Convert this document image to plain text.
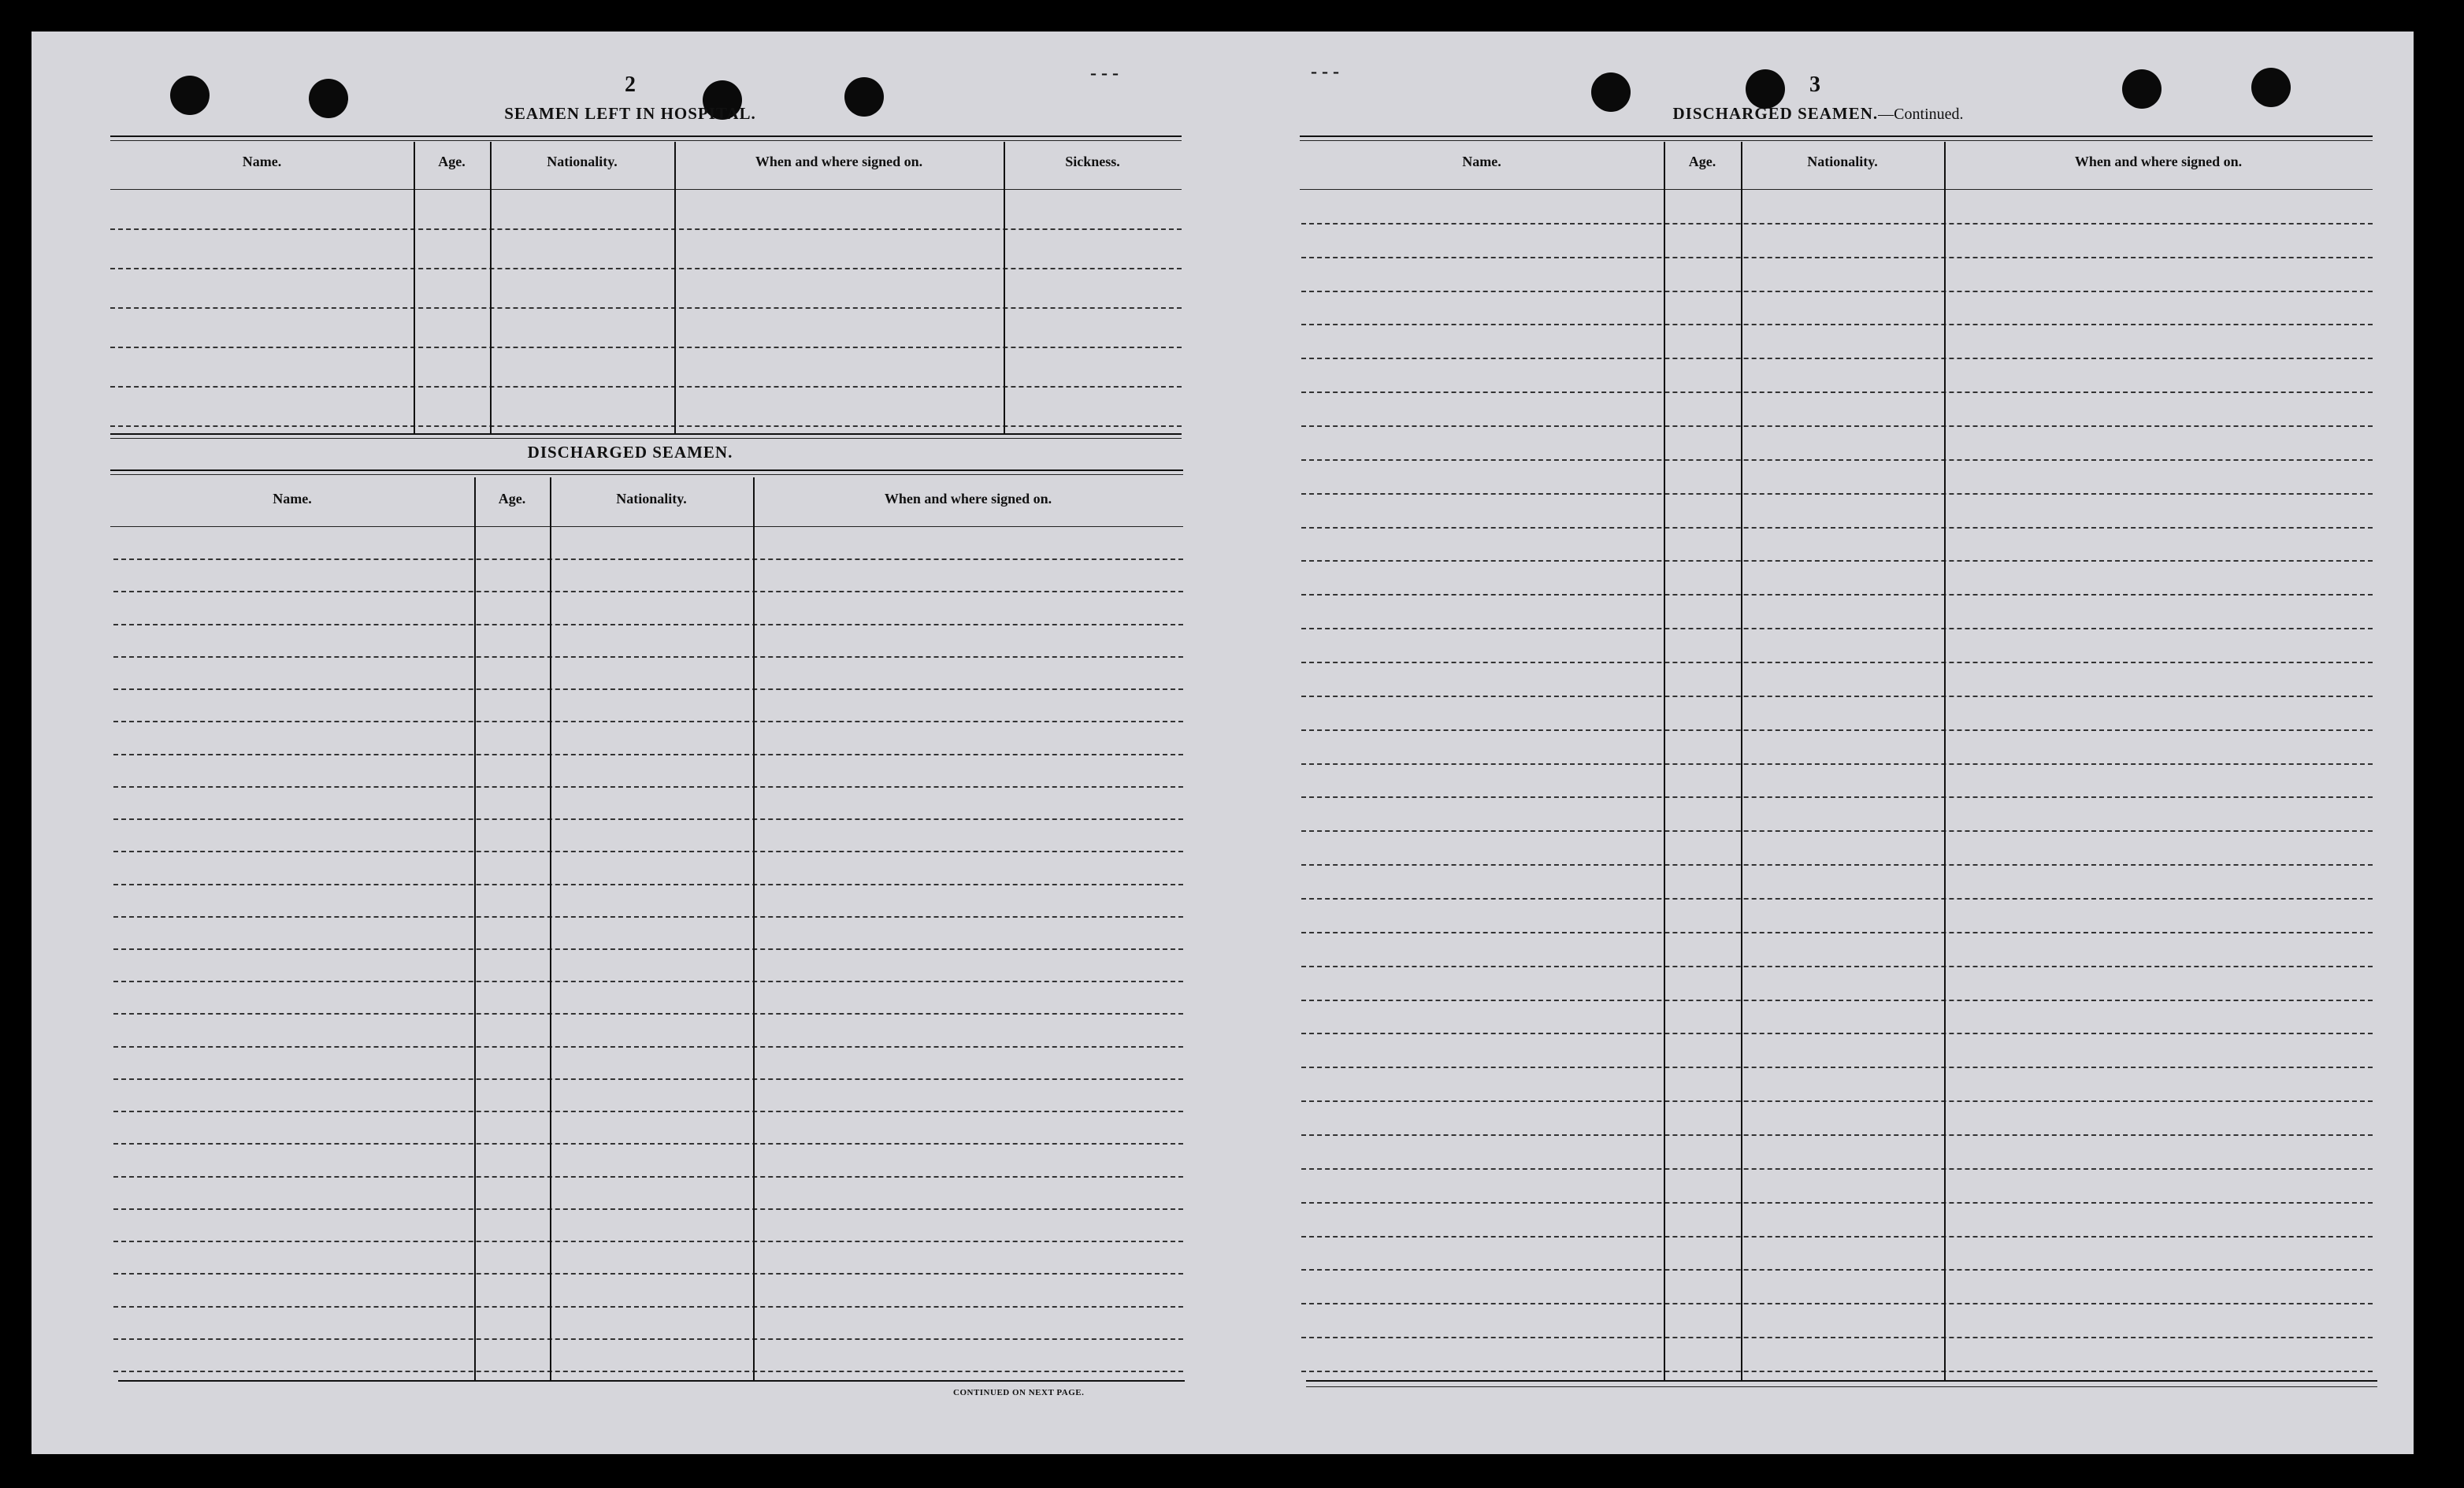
2
SEAMEN LEFT IN HOSPITAL.
Name.	Age.	Nationality.	When and where signed on.	Sickness.
DISCHARGED SEAMEN.
Name.	Age.	Nationality.	When and where signed on.
CONTINUED ON NEXT PAGE.
‑ ‑ ‐	‑ ‑ ‑
3
DISCHARGED SEAMEN.—Continued.
Name.	Age.	Nationality.	When and where signed on.
